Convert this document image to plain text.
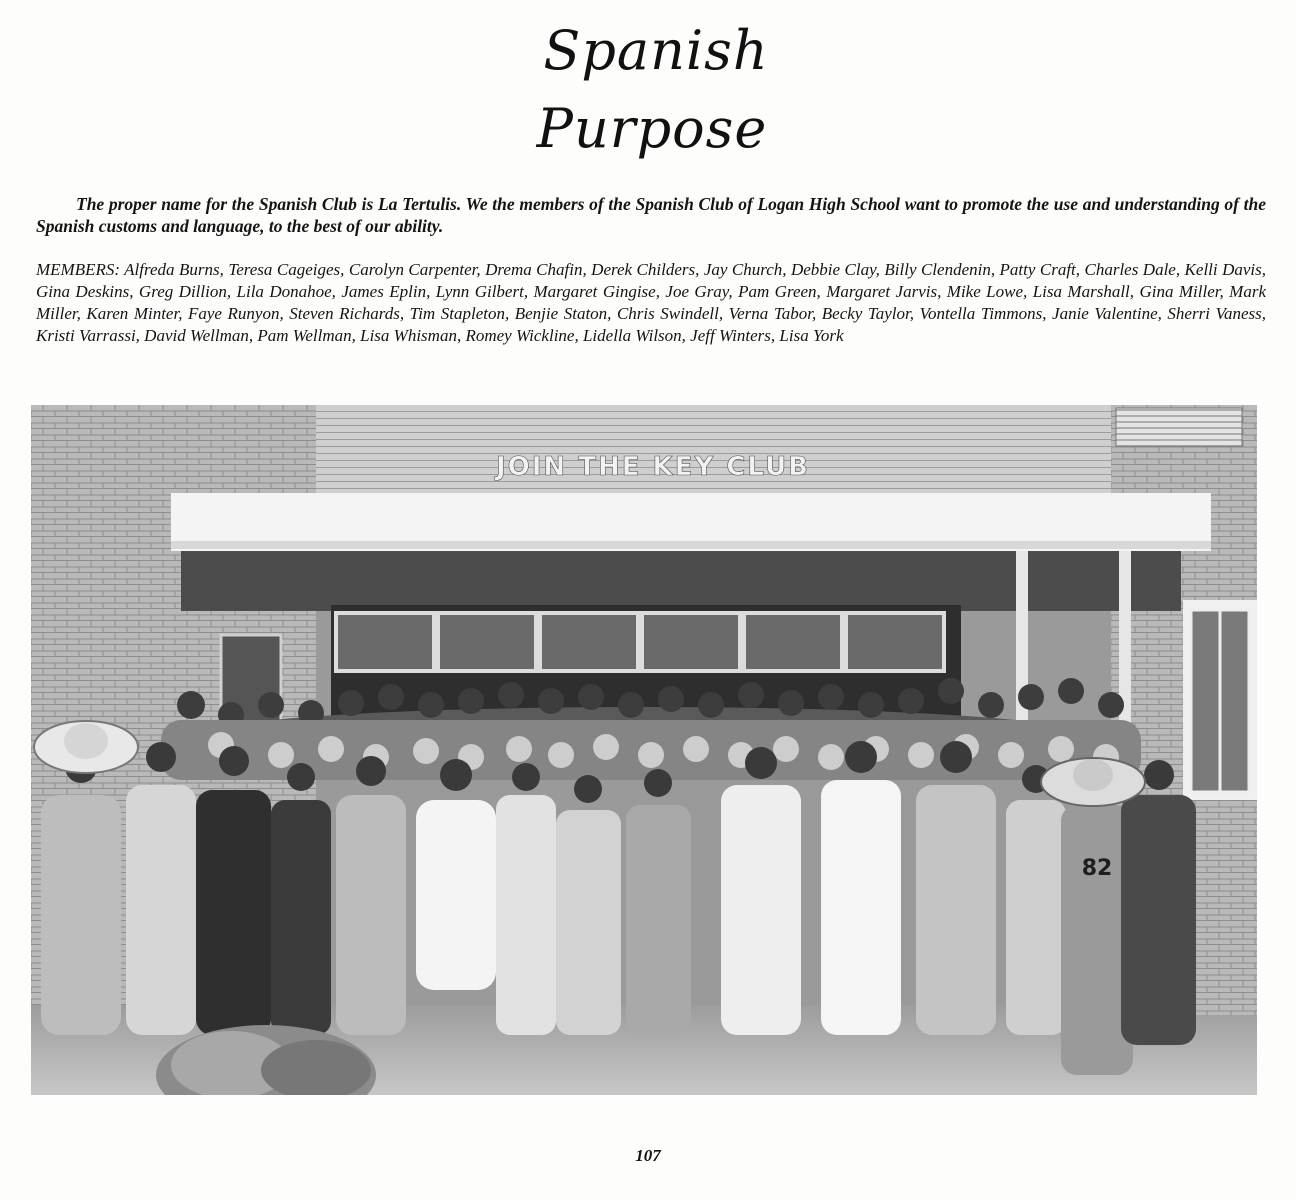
Spanish
Purpose

The proper name for the Spanish Club is La Tertulis. We the members of the Spanish Club of Logan High School want to promote the use and understanding of the Spanish customs and language, to the best of our ability.

MEMBERS: Alfreda Burns, Teresa Cageiges, Carolyn Carpenter, Drema Chafin, Derek Childers, Jay Church, Debbie Clay, Billy Clendenin, Patty Craft, Charles Dale, Kelli Davis, Gina Deskins, Greg Dillion, Lila Donahoe, James Eplin, Lynn Gilbert, Margaret Gingise, Joe Gray, Pam Green, Margaret Jarvis, Mike Lowe, Lisa Marshall, Gina Miller, Mark Miller, Karen Minter, Faye Runyon, Steven Richards, Tim Stapleton, Benjie Staton, Chris Swindell, Verna Tabor, Becky Taylor, Vontella Timmons, Janie Valentine, Sherri Vaness, Kristi Varrassi, David Wellman, Pam Wellman, Lisa Whisman, Romey Wickline, Lidella Wilson, Jeff Winters, Lisa York

JOIN THE KEY CLUB
82
107
